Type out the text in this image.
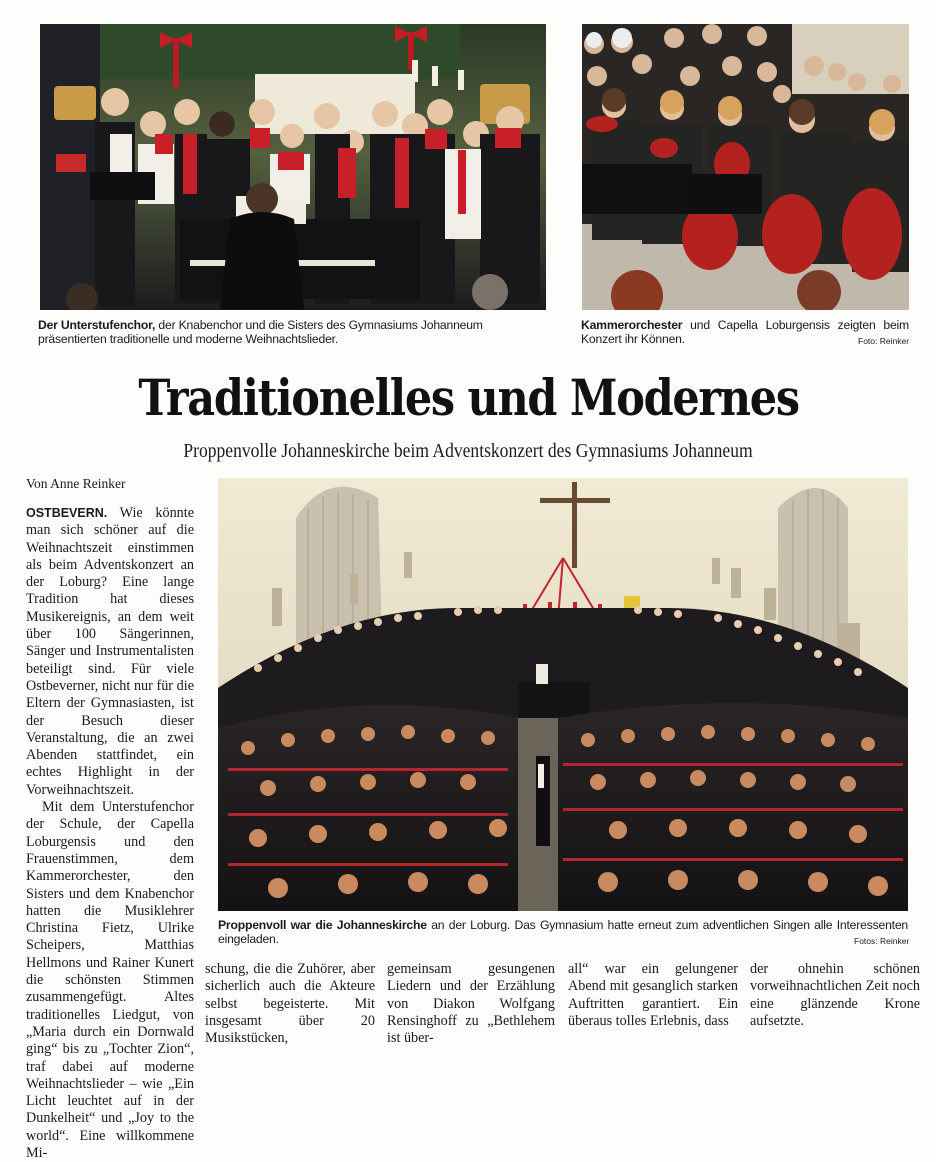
Der Unterstufenchor, der Knabenchor und die Sisters des Gymnasiums Johanneum präsentierten traditionelle und moderne Weihnachtslieder.
Kammerorchester und Capella Loburgensis zeigten beim Konzert ihr Können.	Foto: Reinker
Traditionelles und Modernes
Proppenvolle Johanneskirche beim Adventskonzert des Gymnasiums Johanneum
Von Anne Reinker

OSTBEVERN. Wie könnte man sich schöner auf die Weihnachtszeit einstimmen als beim Adventskonzert an der Loburg? Eine lange Tradition hat dieses Musikereignis, an dem weit über 100 Sängerinnen, Sänger und Instrumentalisten beteiligt sind. Für viele Ostbeverner, nicht nur für die Eltern der Gymnasiasten, ist der Besuch dieser Veranstaltung, die an zwei Abenden stattfindet, ein echtes Highlight in der Vorweihnachtszeit.

Mit dem Unterstufenchor der Schule, der Capella Loburgensis und den Frauenstimmen, dem Kammerorchester, den Sisters und dem Knabenchor hatten die Musiklehrer Christina Fietz, Ulrike Scheipers, Matthias Hellmons und Rainer Kunert die schönsten Stimmen zusammengefügt. Altes traditionelles Liedgut, von „Maria durch ein Dornwald ging“ bis zu „Tochter Zion“, traf dabei auf moderne Weihnachtslieder – wie „Ein Licht leuchtet auf in der Dunkelheit“ und „Joy to the world“. Eine willkommene Mi-

Proppenvoll war die Johanneskirche an der Loburg. Das Gymnasium hatte erneut zum adventlichen Singen alle Interessenten eingeladen.	Fotos: Reinker
schung, die die Zuhörer, aber sicherlich auch die Akteure selbst begeisterte. Mit insgesamt über 20 Musikstücken,
gemeinsam gesungenen Liedern und der Erzählung von Diakon Wolfgang Rensinghoff zu „Bethlehem ist über-
all“ war ein gelungener Abend mit gesanglich starken Auftritten garantiert. Ein überaus tolles Erlebnis, dass
der ohnehin schönen vorweihnachtlichen Zeit noch eine glänzende Krone aufsetzte.
